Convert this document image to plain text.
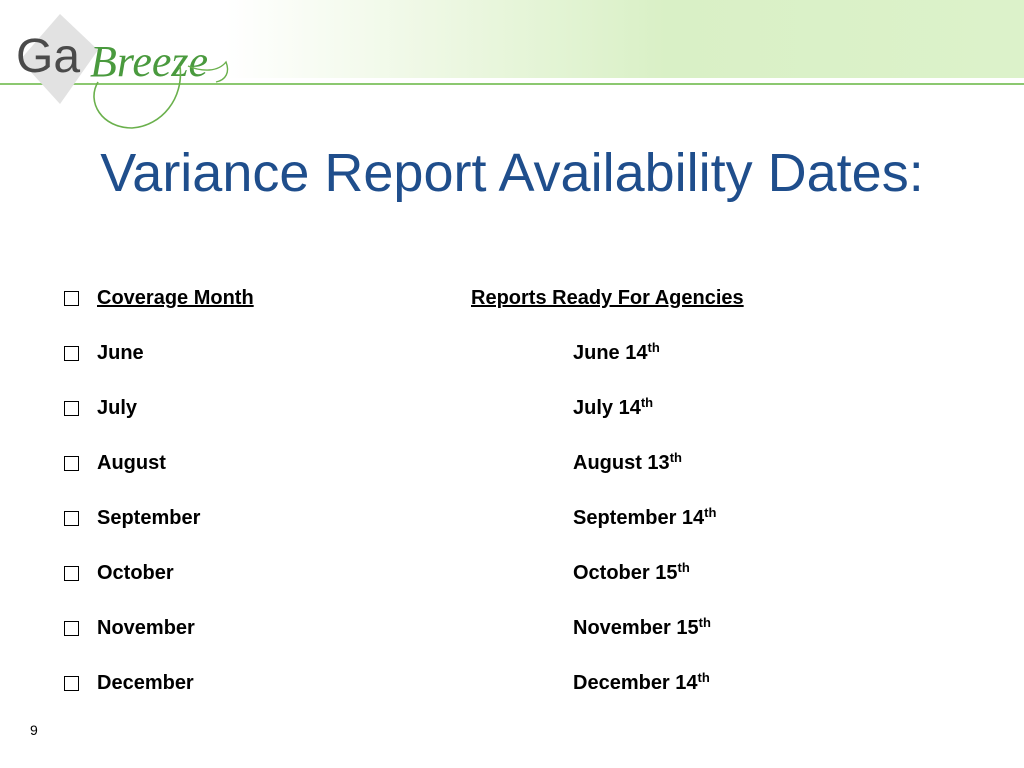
Ga Breeze
Variance Report Availability Dates:
Coverage Month	Reports Ready For Agencies
June	June 14th
July	July 14th
August	August 13th
September	September 14th
October	October 15th
November	November 15th
December	December 14th
9
